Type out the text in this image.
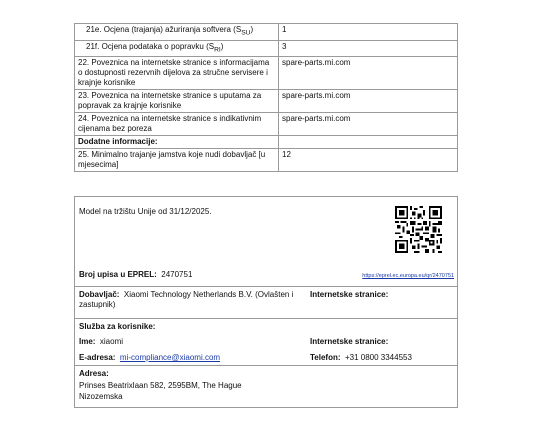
21e. Ocjena (trajanja) ažuriranja softvera $(S_{SU})$	1
21f. Ocjena podataka o popravku $(S_{RI})$	3
22. Poveznica na internetske stranice s informacijama o dostupnosti rezervnih dijelova za stručne servisere i krajnje korisnike	spare-parts.mi.com
23. Poveznica na internetske stranice s uputama za popravak za krajnje korisnike	spare-parts.mi.com
24. Poveznica na internetske stranice s indikativnim cijenama bez poreza	spare-parts.mi.com
Dodatne informacije:	
25. Minimalno trajanje jamstva koje nudi dobavljač [u mjesecima]	12
Model na tržištu Unije od 31/12/2025.
Broj upisa u EPREL: 2470751	https://eprel.ec.europa.eu/qr/2470751
Dobavljač: Xiaomi Technology Netherlands B.V. (Ovlašten i zastupnik)
Internetske stranice:
Služba za korisnike:
Ime: xiaomi	Internetske stranice:
E-adresa: mi-compliance@xiaomi.com	Telefon: +31 0800 3344553
Adresa:
Prinses Beatrixlaan 582, 2595BM, The Hague
Nizozemska
